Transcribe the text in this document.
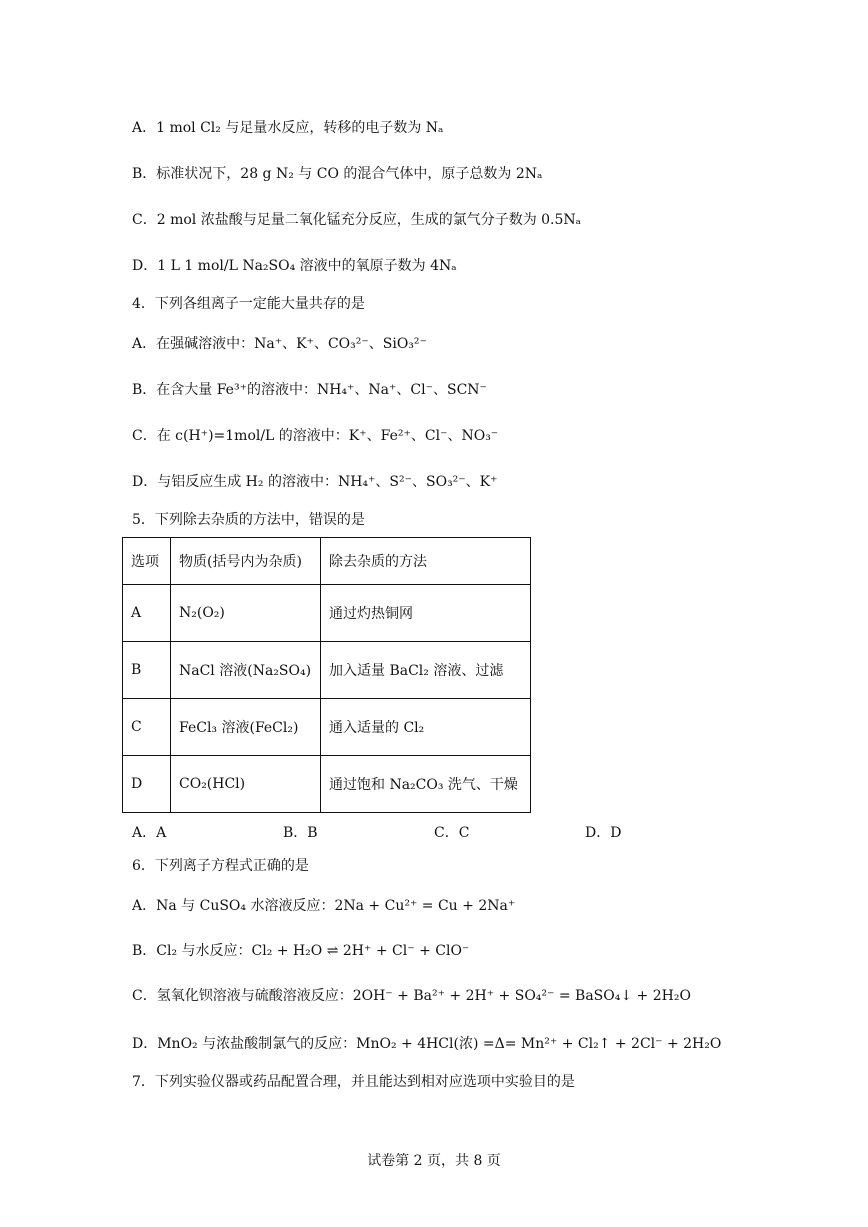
A．1 mol Cl₂ 与足量水反应，转移的电子数为 Nₐ
B．标准状况下，28 g N₂ 与 CO 的混合气体中，原子总数为 2Nₐ
C．2 mol 浓盐酸与足量二氧化锰充分反应，生成的氯气分子数为 0.5Nₐ
D．1 L 1 mol/L Na₂SO₄ 溶液中的氧原子数为 4Nₐ
4．下列各组离子一定能大量共存的是
A．在强碱溶液中：Na⁺、K⁺、CO₃²⁻、SiO₃²⁻
B．在含大量 Fe³⁺的溶液中：NH₄⁺、Na⁺、Cl⁻、SCN⁻
C．在 c(H⁺)=1mol/L 的溶液中：K⁺、Fe²⁺、Cl⁻、NO₃⁻
D．与铝反应生成 H₂ 的溶液中：NH₄⁺、S²⁻、SO₃²⁻、K⁺
5．下列除去杂质的方法中，错误的是
选项	物质(括号内为杂质)	除去杂质的方法
A	N₂(O₂)	通过灼热铜网
B	NaCl 溶液(Na₂SO₄)	加入适量 BaCl₂ 溶液、过滤
C	FeCl₃ 溶液(FeCl₂)	通入适量的 Cl₂
D	CO₂(HCl)	通过饱和 Na₂CO₃ 洗气、干燥
A．A	B．B	C．C	D．D
6．下列离子方程式正确的是
A．Na 与 CuSO₄ 水溶液反应：2Na + Cu²⁺ = Cu + 2Na⁺
B．Cl₂ 与水反应：Cl₂ + H₂O ⇌ 2H⁺ + Cl⁻ + ClO⁻
C．氢氧化钡溶液与硫酸溶液反应：2OH⁻ + Ba²⁺ + 2H⁺ + SO₄²⁻ = BaSO₄↓ + 2H₂O
D．MnO₂ 与浓盐酸制氯气的反应：MnO₂ + 4HCl(浓) =Δ= Mn²⁺ + Cl₂↑ + 2Cl⁻ + 2H₂O
7．下列实验仪器或药品配置合理，并且能达到相对应选项中实验目的是
试卷第 2 页，共 8 页
